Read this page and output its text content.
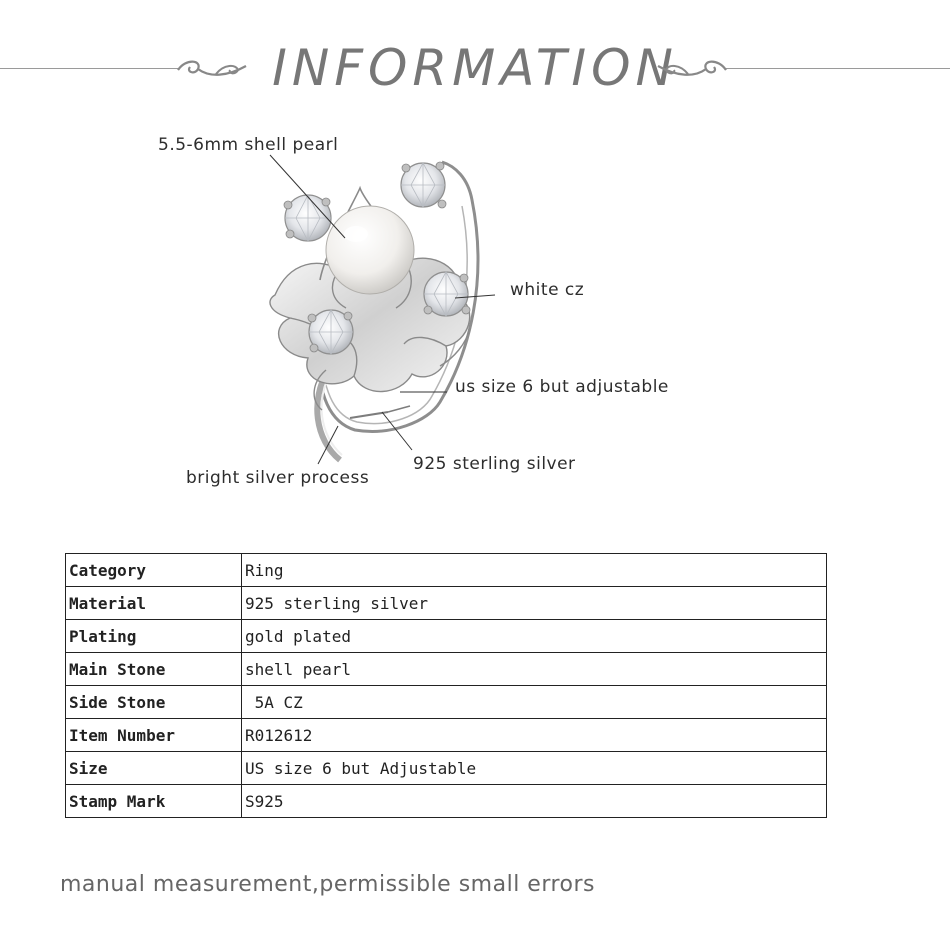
INFORMATION
5.5-6mm shell pearl
white cz
us size 6 but adjustable
925 sterling silver
bright silver process
Category	Ring
Material	925 sterling silver
Plating	gold plated
Main Stone	shell pearl
Side Stone	5A CZ
Item Number	R012612
Size	US size 6 but Adjustable
Stamp Mark	S925
manual measurement,permissible small errors
